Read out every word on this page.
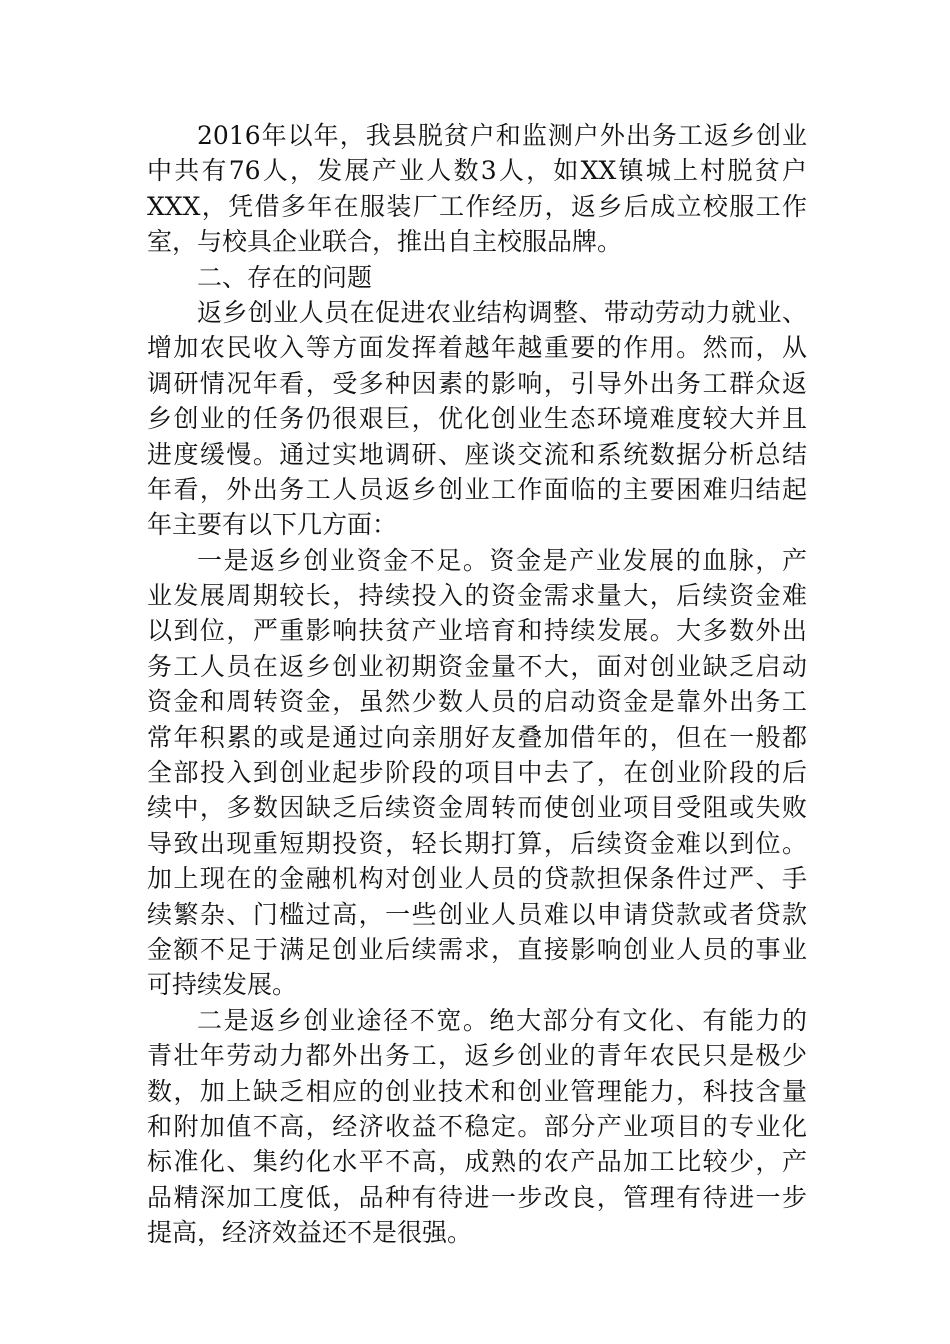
2016年以年，我县脱贫户和监测户外出务工返乡创业
中共有76人，发展产业人数3人，如XX镇城上村脱贫户
XXX，凭借多年在服装厂工作经历，返乡后成立校服工作
室，与校具企业联合，推出自主校服品牌。
二、存在的问题
返乡创业人员在促进农业结构调整、带动劳动力就业、
增加农民收入等方面发挥着越年越重要的作用。然而，从
调研情况年看，受多种因素的影响，引导外出务工群众返
乡创业的任务仍很艰巨，优化创业生态环境难度较大并且
进度缓慢。通过实地调研、座谈交流和系统数据分析总结
年看，外出务工人员返乡创业工作面临的主要困难归结起
年主要有以下几方面：
一是返乡创业资金不足。资金是产业发展的血脉，产
业发展周期较长，持续投入的资金需求量大，后续资金难
以到位，严重影响扶贫产业培育和持续发展。大多数外出
务工人员在返乡创业初期资金量不大，面对创业缺乏启动
资金和周转资金，虽然少数人员的启动资金是靠外出务工
常年积累的或是通过向亲朋好友叠加借年的，但在一般都
全部投入到创业起步阶段的项目中去了，在创业阶段的后
续中，多数因缺乏后续资金周转而使创业项目受阻或失败
导致出现重短期投资，轻长期打算，后续资金难以到位。
加上现在的金融机构对创业人员的贷款担保条件过严、手
续繁杂、门槛过高，一些创业人员难以申请贷款或者贷款
金额不足于满足创业后续需求，直接影响创业人员的事业
可持续发展。
二是返乡创业途径不宽。绝大部分有文化、有能力的
青壮年劳动力都外出务工，返乡创业的青年农民只是极少
数，加上缺乏相应的创业技术和创业管理能力，科技含量
和附加值不高，经济收益不稳定。部分产业项目的专业化
标准化、集约化水平不高，成熟的农产品加工比较少，产
品精深加工度低，品种有待进一步改良，管理有待进一步
提高，经济效益还不是很强。
